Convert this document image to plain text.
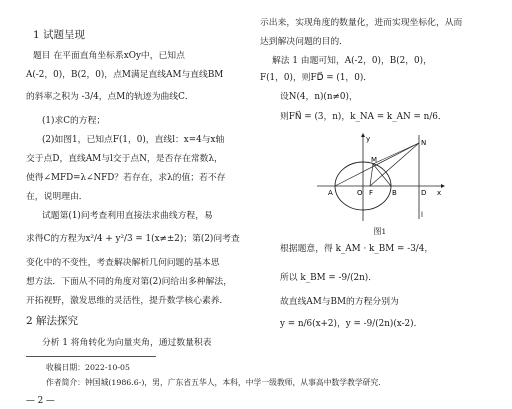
1 试题呈现
题目 在平面直角坐标系xOy中，已知点
A(-2，0)，B(2，0)，点M满足直线AM与直线BM
的斜率之积为 -3/4，点M的轨迹为曲线C．
(1)求C的方程；
(2)如图1，已知点F(1，0)，直线l：x=4与x轴
交于点D，直线AM与l交于点N，是否存在常数λ，
使得∠MFD=λ∠NFD？若存在，求λ的值；若不存
在，说明理由．
试题第(1)问考查利用直接法求曲线方程，易
求得C的方程为x²/4 + y²/3 = 1(x≠±2)；第(2)问考查
变化中的不变性，考查解决解析几何问题的基本思
想方法．下面从不同的角度对第(2)问给出多种解法，
开拓视野，激发思维的灵活性，提升数学核心素养．
2 解法探究
分析 1 将角转化为向量夹角，通过数量积表
示出来，实现角度的数量化，进而实现坐标化，从而
达到解决问题的目的．
解法 1 由题可知，A(-2，0)，B(2，0)，
F(1，0)，则FD⃗ = (1，0)．
设N(4，n)(n≠0)，
则FN⃗ = (3，n)，k_NA = k_AN = n/6．
y
x
A	O F	B	D
M
N
l
图1
根据题意，得 k_AM · k_BM = -3/4，
所以 k_BM = -9/(2n)．
故直线AM与BM的方程分别为
y = n/6(x+2)，y = -9/(2n)(x-2)．
收稿日期：2022-10-05
作者简介：钟国城(1986.6-)，男，广东省五华人，本科，中学一级教师，从事高中数学教学研究．
— 2 —
